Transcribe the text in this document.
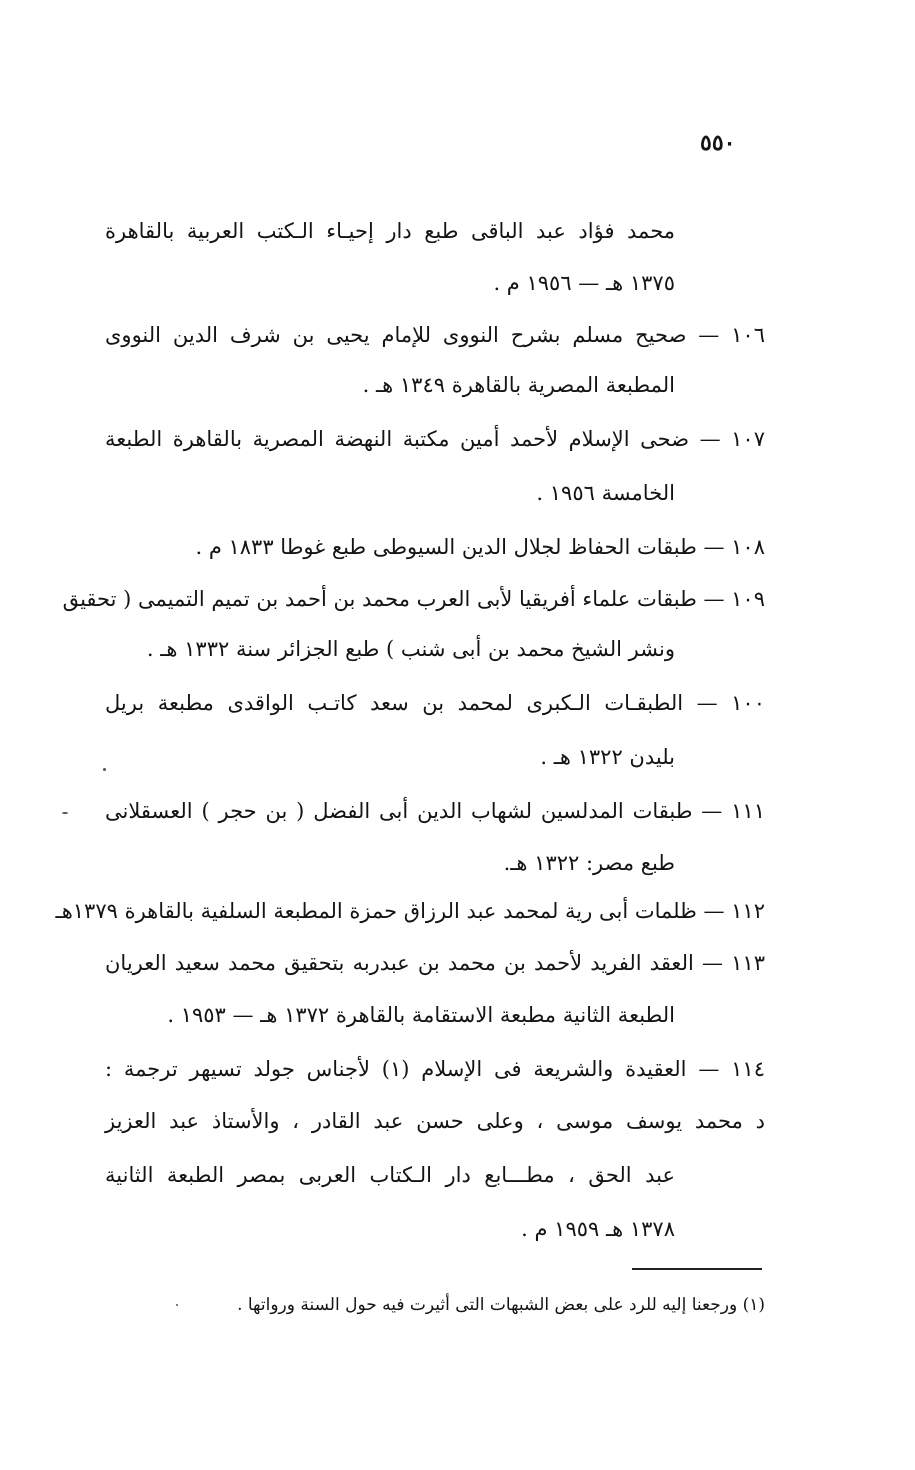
٥٥٠
محمد فؤاد عبد الباقى طبع دار إحيـاء الـكتب العربية بالقاهرة
١٣٧٥ هـ — ١٩٥٦ م .
١٠٦ — صحيح مسلم بشرح النووى للإمام يحيى بن شرف الدين النووى
المطبعة المصرية بالقاهرة ١٣٤٩ هـ .
١٠٧ — ضحى الإسلام لأحمد أمين مكتبة النهضة المصرية بالقاهرة الطبعة
الخامسة ١٩٥٦ .
١٠٨ — طبقات الحفاظ لجلال الدين السيوطى طبع غوطا ١٨٣٣ م .
١٠٩ — طبقات علماء أفريقيا لأبى العرب محمد بن أحمد بن تميم التميمى ( تحقيق
ونشر الشيخ محمد بن أبى شنب ) طبع الجزائر سنة ١٣٣٢ هـ .
١٠٠ — الطبقـات الـكبرى لمحمد بن سعد كاتـب الواقدى مطبعة بريل
بليدن ١٣٢٢ هـ .
١١١ — طبقات المدلسين لشهاب الدين أبى الفضل ( بن حجر ) العسقلانى
طبع مصر: ١٣٢٢ هـ.
١١٢ — ظلمات أبى رية لمحمد عبد الرزاق حمزة المطبعة السلفية بالقاهرة ١٣٧٩هـ
١١٣ — العقد الفريد لأحمد بن محمد بن عبدربه بتحقيق محمد سعيد العريان
الطبعة الثانية مطبعة الاستقامة بالقاهرة ١٣٧٢ هـ — ١٩٥٣ .
١١٤ — العقيدة والشريعة فى الإسلام (١) لأجناس جولد تسيهر ترجمة :
د محمد يوسف موسى ، وعلى حسن عبد القادر ، والأستاذ عبد العزيز
عبد الحق ، مطـــابع دار الـكتاب العربى بمصر الطبعة الثانية
١٣٧٨ هـ ١٩٥٩ م .
(١) ورجعنا إليه للرد على بعض الشبهات التى أثيرت فيه حول السنة ورواتها .
